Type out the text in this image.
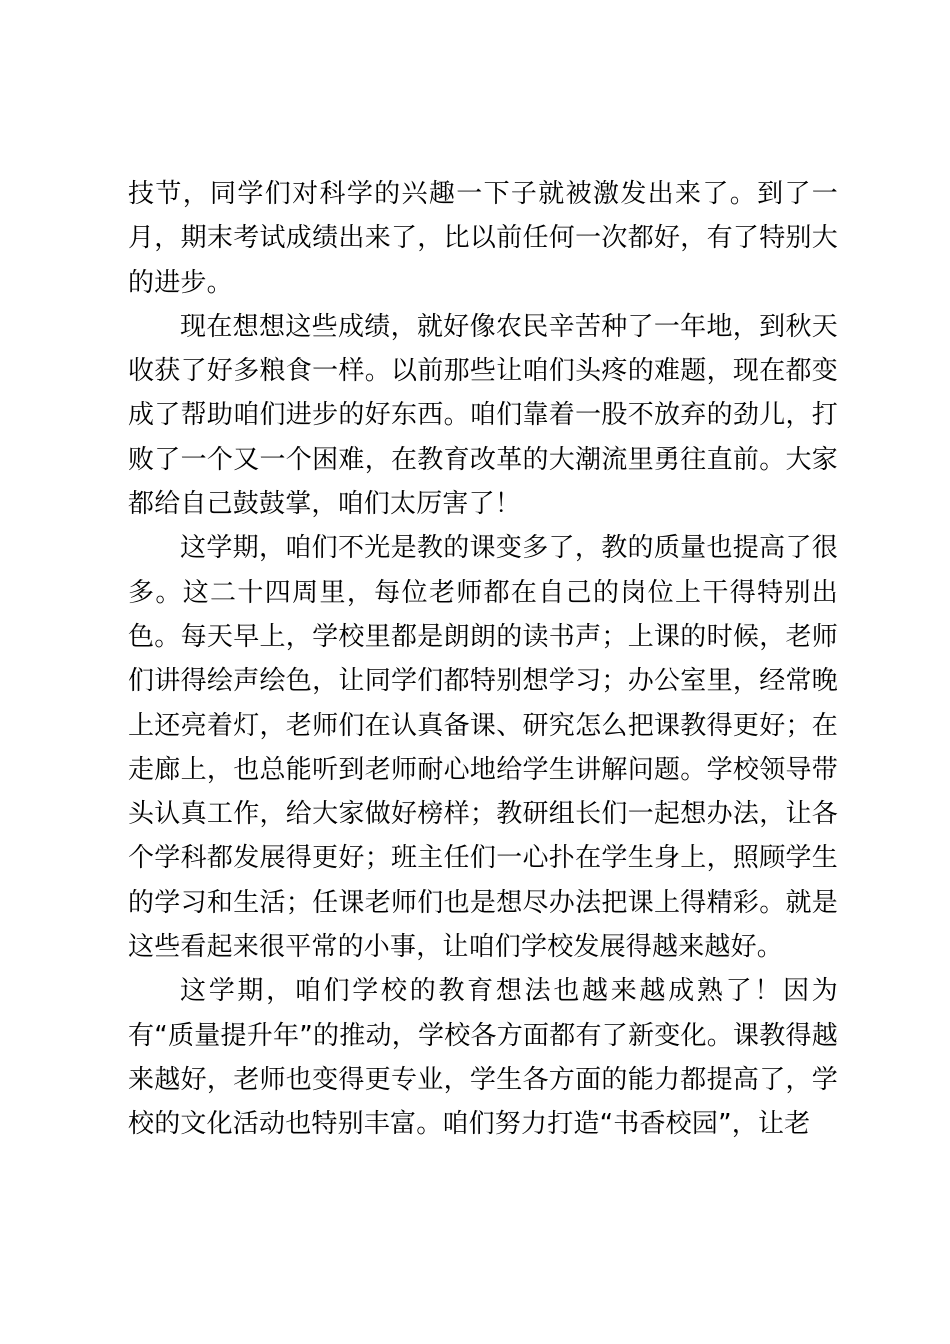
技节，同学们对科学的兴趣一下子就被激发出来了。到了一月，期末考试成绩出来了，比以前任何一次都好，有了特别大的进步。

现在想想这些成绩，就好像农民辛苦种了一年地，到秋天收获了好多粮食一样。以前那些让咱们头疼的难题，现在都变成了帮助咱们进步的好东西。咱们靠着一股不放弃的劲儿，打败了一个又一个困难，在教育改革的大潮流里勇往直前。大家都给自己鼓鼓掌，咱们太厉害了！

这学期，咱们不光是教的课变多了，教的质量也提高了很多。这二十四周里，每位老师都在自己的岗位上干得特别出色。每天早上，学校里都是朗朗的读书声；上课的时候，老师们讲得绘声绘色，让同学们都特别想学习；办公室里，经常晚上还亮着灯，老师们在认真备课、研究怎么把课教得更好；在走廊上，也总能听到老师耐心地给学生讲解问题。学校领导带头认真工作，给大家做好榜样；教研组长们一起想办法，让各个学科都发展得更好；班主任们一心扑在学生身上，照顾学生的学习和生活；任课老师们也是想尽办法把课上得精彩。就是这些看起来很平常的小事，让咱们学校发展得越来越好。

这学期，咱们学校的教育想法也越来越成熟了！因为有“质量提升年”的推动，学校各方面都有了新变化。课教得越来越好，老师也变得更专业，学生各方面的能力都提高了，学校的文化活动也特别丰富。咱们努力打造“书香校园”，让老
